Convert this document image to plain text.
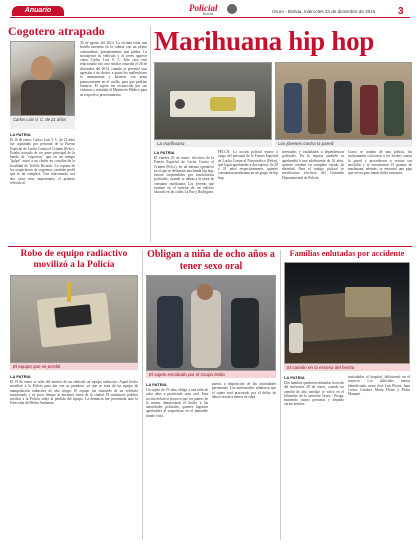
Anuario	Policial
Bolivia	Oruro - Bolivia, miércoles 23 de diciembre de 2015 3
Cogotero atrapado
Carlos Luis V. C. de 21 años
LA PATRIA

El 16 de enero, Carlos Luis V. C. de 21 años fue capturado por personal de la Fuerza Especial de Lucha Contra el Crimen (Felcc). Estaba acusado de ser parte principal de la banda de "cogoteros" que en un tiempo "golpe" actuó a un chofer en corralón de la localidad de Teófilo Ricardo. La captura de los sospechosos de cogoteros, también perfil que es un cómplice. Tras relacionarlo con dos casos muy importantes, el primero referido al

30 de agosto del 2014. La víctima tenía una botella mientras en la cabeza con un objeto contundente, presuntamente una piedra. Le sustrajeron su vehículo y el joven aparece como Carlos Luis V. C. Este caso está relacionado con otro similar ocurrido el 26 de diciembre del 2014, cuando se presentó otra agresión a un chofer, a quien los malhechores lo amenazaron y hirieron con arma punzocortante en el cuello, para que podrían hurtarse. El sujeto fue reconocido por sus víctimas y remitido al Ministerio Público para su respectivo procesamiento.

Marihuana hip hop
La marihuana	Los jóvenes contra la pared
LA PATRIA

El viernes 23 de enero, efectivos de la Fuerza Especial de Lucha Contra el Crimen (Felcc), en un intenso operativo en el que se desbarató una banda hip hop, fueron sorprendidos por funcionarios policiales, cuando se daban a la tarea de consumir marihuana. Los jóvenes que estaban en el interior de un edificio ubicado en las calles La Paz y Rodríguez.

FELCN. La acción policial estuvo a cargo del personal de la Fuerza Especial de Lucha Contra el Narcotráfico (Felcn), que logró aprehender a dos sujetos, de 20 y 21 años respectivamente, quienes consumían marihuana en un grupo de hip hop.

arrestados y trasladados a dependencias policiales. En la requisa también se aprehendió a una adolescente de 16 años, quienes estaban en completo estado de ebriedad. Para el trabajo policial se movilizaron efectivos del Comando Departamental de Policía.

Como se trataba de una policía, los uniformados colocaron a los hechos contra la pared y procedieron a revisar sus mochilas y se encontraron 15 gramos de marihuana, además, se encontró una pipa que servía para fumar dicha sustancia.

Robo de equipo radiactivo movilizó a la Policía
El equipo que se perdió
LA PATRIA

El 19 de enero se robó del interior de un vehículo un equipo radiactivo. Aquel hecho movilizó a la Policía para dar con su paradero, ya que se trata de un equipo de manipulación radiactiva de alto riesgo. El equipo fue sustraído de un vehículo estacionado y en poco tiempo se encontró fuera de la ciudad. El ministerio público notificó a la Policía sobre la pérdida del equipo. La denuncia fue presentada ante la Dirección de Medio Ambiente.

Obligan a niña de ocho años a tener sexo oral
El sujeto escoltado por el Grupo Delta
LA PATRIA

Un sujeto de 19 años obligó a una niña de ocho años a practicarle sexo oral. Esta acción delictiva provocó que los padres de la menor denunciaran el hecho a las autoridades policiales, quienes lograron aprehender al sospechoso en el inmueble donde vivía.

puesto a disposición de las autoridades pertinentes. Los uniformados señalaron que el sujeto será procesado por el delito de abuso sexual a menor de edad.

Familias enlutadas por accidente
El camión en la escena del hecho
LA PATRIA

Dos familias quedaron enlutadas la noche del miércoles 28 de enero, cuando un camión de alto tonelaje se volcó en el kilómetro de la carretera Oruro - Pisiga, muriendo cuatro personas y dejando varios heridos.

trasladados al hospital, falleciendo en el trayecto. Los fallecidos fueron identificados como José Luis Flores, Juan Carlos Condori, María Flores y Pedro Mamani.
